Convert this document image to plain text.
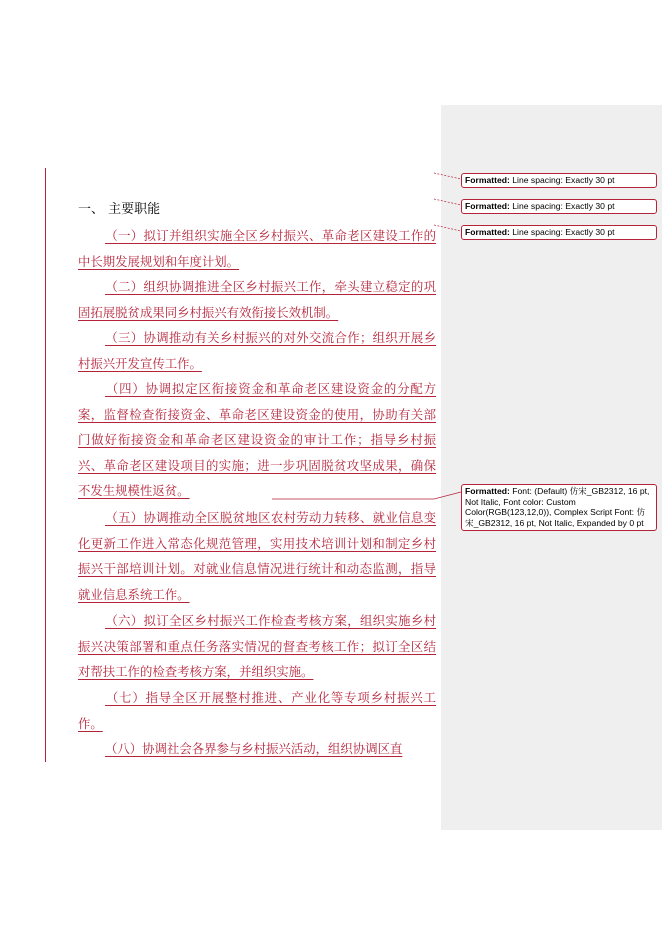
一、 主要职能
（一）拟订并组织实施全区乡村振兴、革命老区建设工作的中长期发展规划和年度计划。
（二）组织协调推进全区乡村振兴工作，牵头建立稳定的巩固拓展脱贫成果同乡村振兴有效衔接长效机制。
（三）协调推动有关乡村振兴的对外交流合作；组织开展乡村振兴开发宣传工作。
（四）协调拟定区衔接资金和革命老区建设资金的分配方案，监督检查衔接资金、革命老区建设资金的使用，协助有关部门做好衔接资金和革命老区建设资金的审计工作；指导乡村振兴、革命老区建设项目的实施；进一步巩固脱贫攻坚成果，确保不发生规模性返贫。
（五）协调推动全区脱贫地区农村劳动力转移、就业信息变化更新工作进入常态化规范管理，实用技术培训计划和制定乡村振兴干部培训计划。对就业信息情况进行统计和动态监测，指导就业信息系统工作。
（六）拟订全区乡村振兴工作检查考核方案，组织实施乡村振兴决策部署和重点任务落实情况的督查考核工作；拟订全区结对帮扶工作的检查考核方案，并组织实施。
（七）指导全区开展整村推进、产业化等专项乡村振兴工作。
（八）协调社会各界参与乡村振兴活动，组织协调区直
Formatted: Line spacing: Exactly 30 pt
Formatted: Line spacing: Exactly 30 pt
Formatted: Line spacing: Exactly 30 pt
Formatted: Font: (Default) 仿宋_GB2312, 16 pt, Not Italic, Font color: Custom Color(RGB(123,12,0)), Complex Script Font: 仿宋_GB2312, 16 pt, Not Italic, Expanded by 0 pt
